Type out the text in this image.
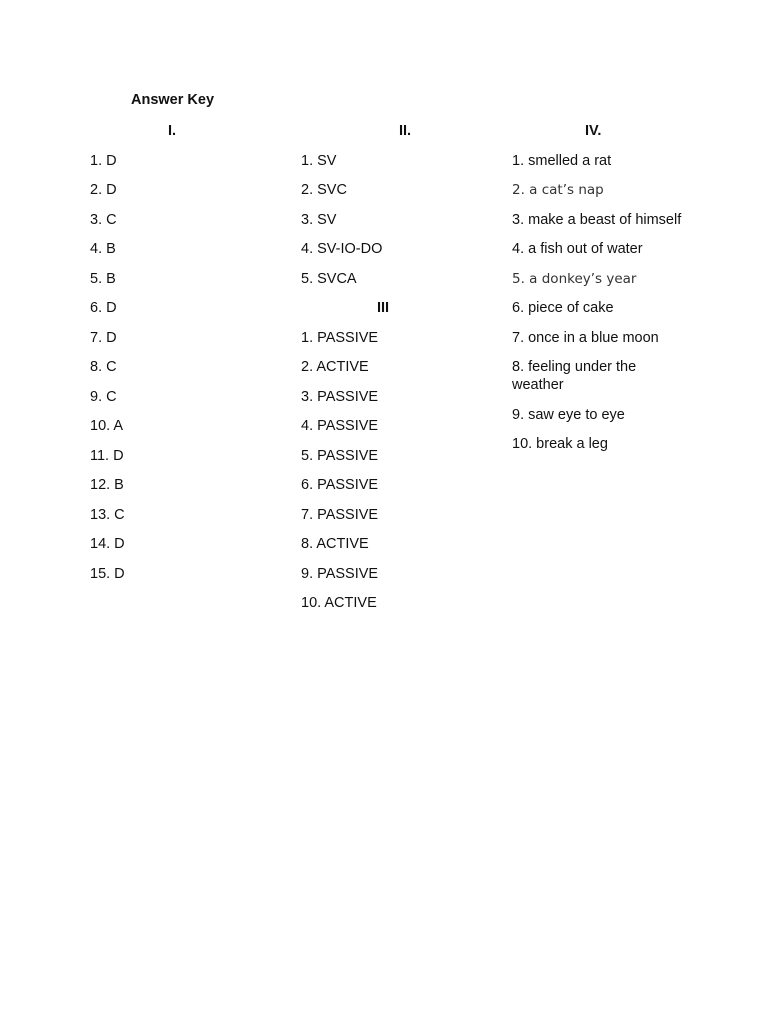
Answer Key
I.
1. D
2. D
3. C
4. B
5. B
6. D
7. D
8. C
9. C
10. A
11. D
12. B
13. C
14. D
15. D
II.
1. SV
2. SVC
3. SV
4. SV-IO-DO
5. SVCA
III
1. PASSIVE
2. ACTIVE
3. PASSIVE
4. PASSIVE
5. PASSIVE
6. PASSIVE
7. PASSIVE
8. ACTIVE
9. PASSIVE
10. ACTIVE
IV.
1. smelled a rat
2. a cat’s nap
3. make a beast of himself
4. a fish out of water
5. a donkey’s year
6. piece of cake
7. once in a blue moon
8. feeling under the weather
9. saw eye to eye
10. break a leg
